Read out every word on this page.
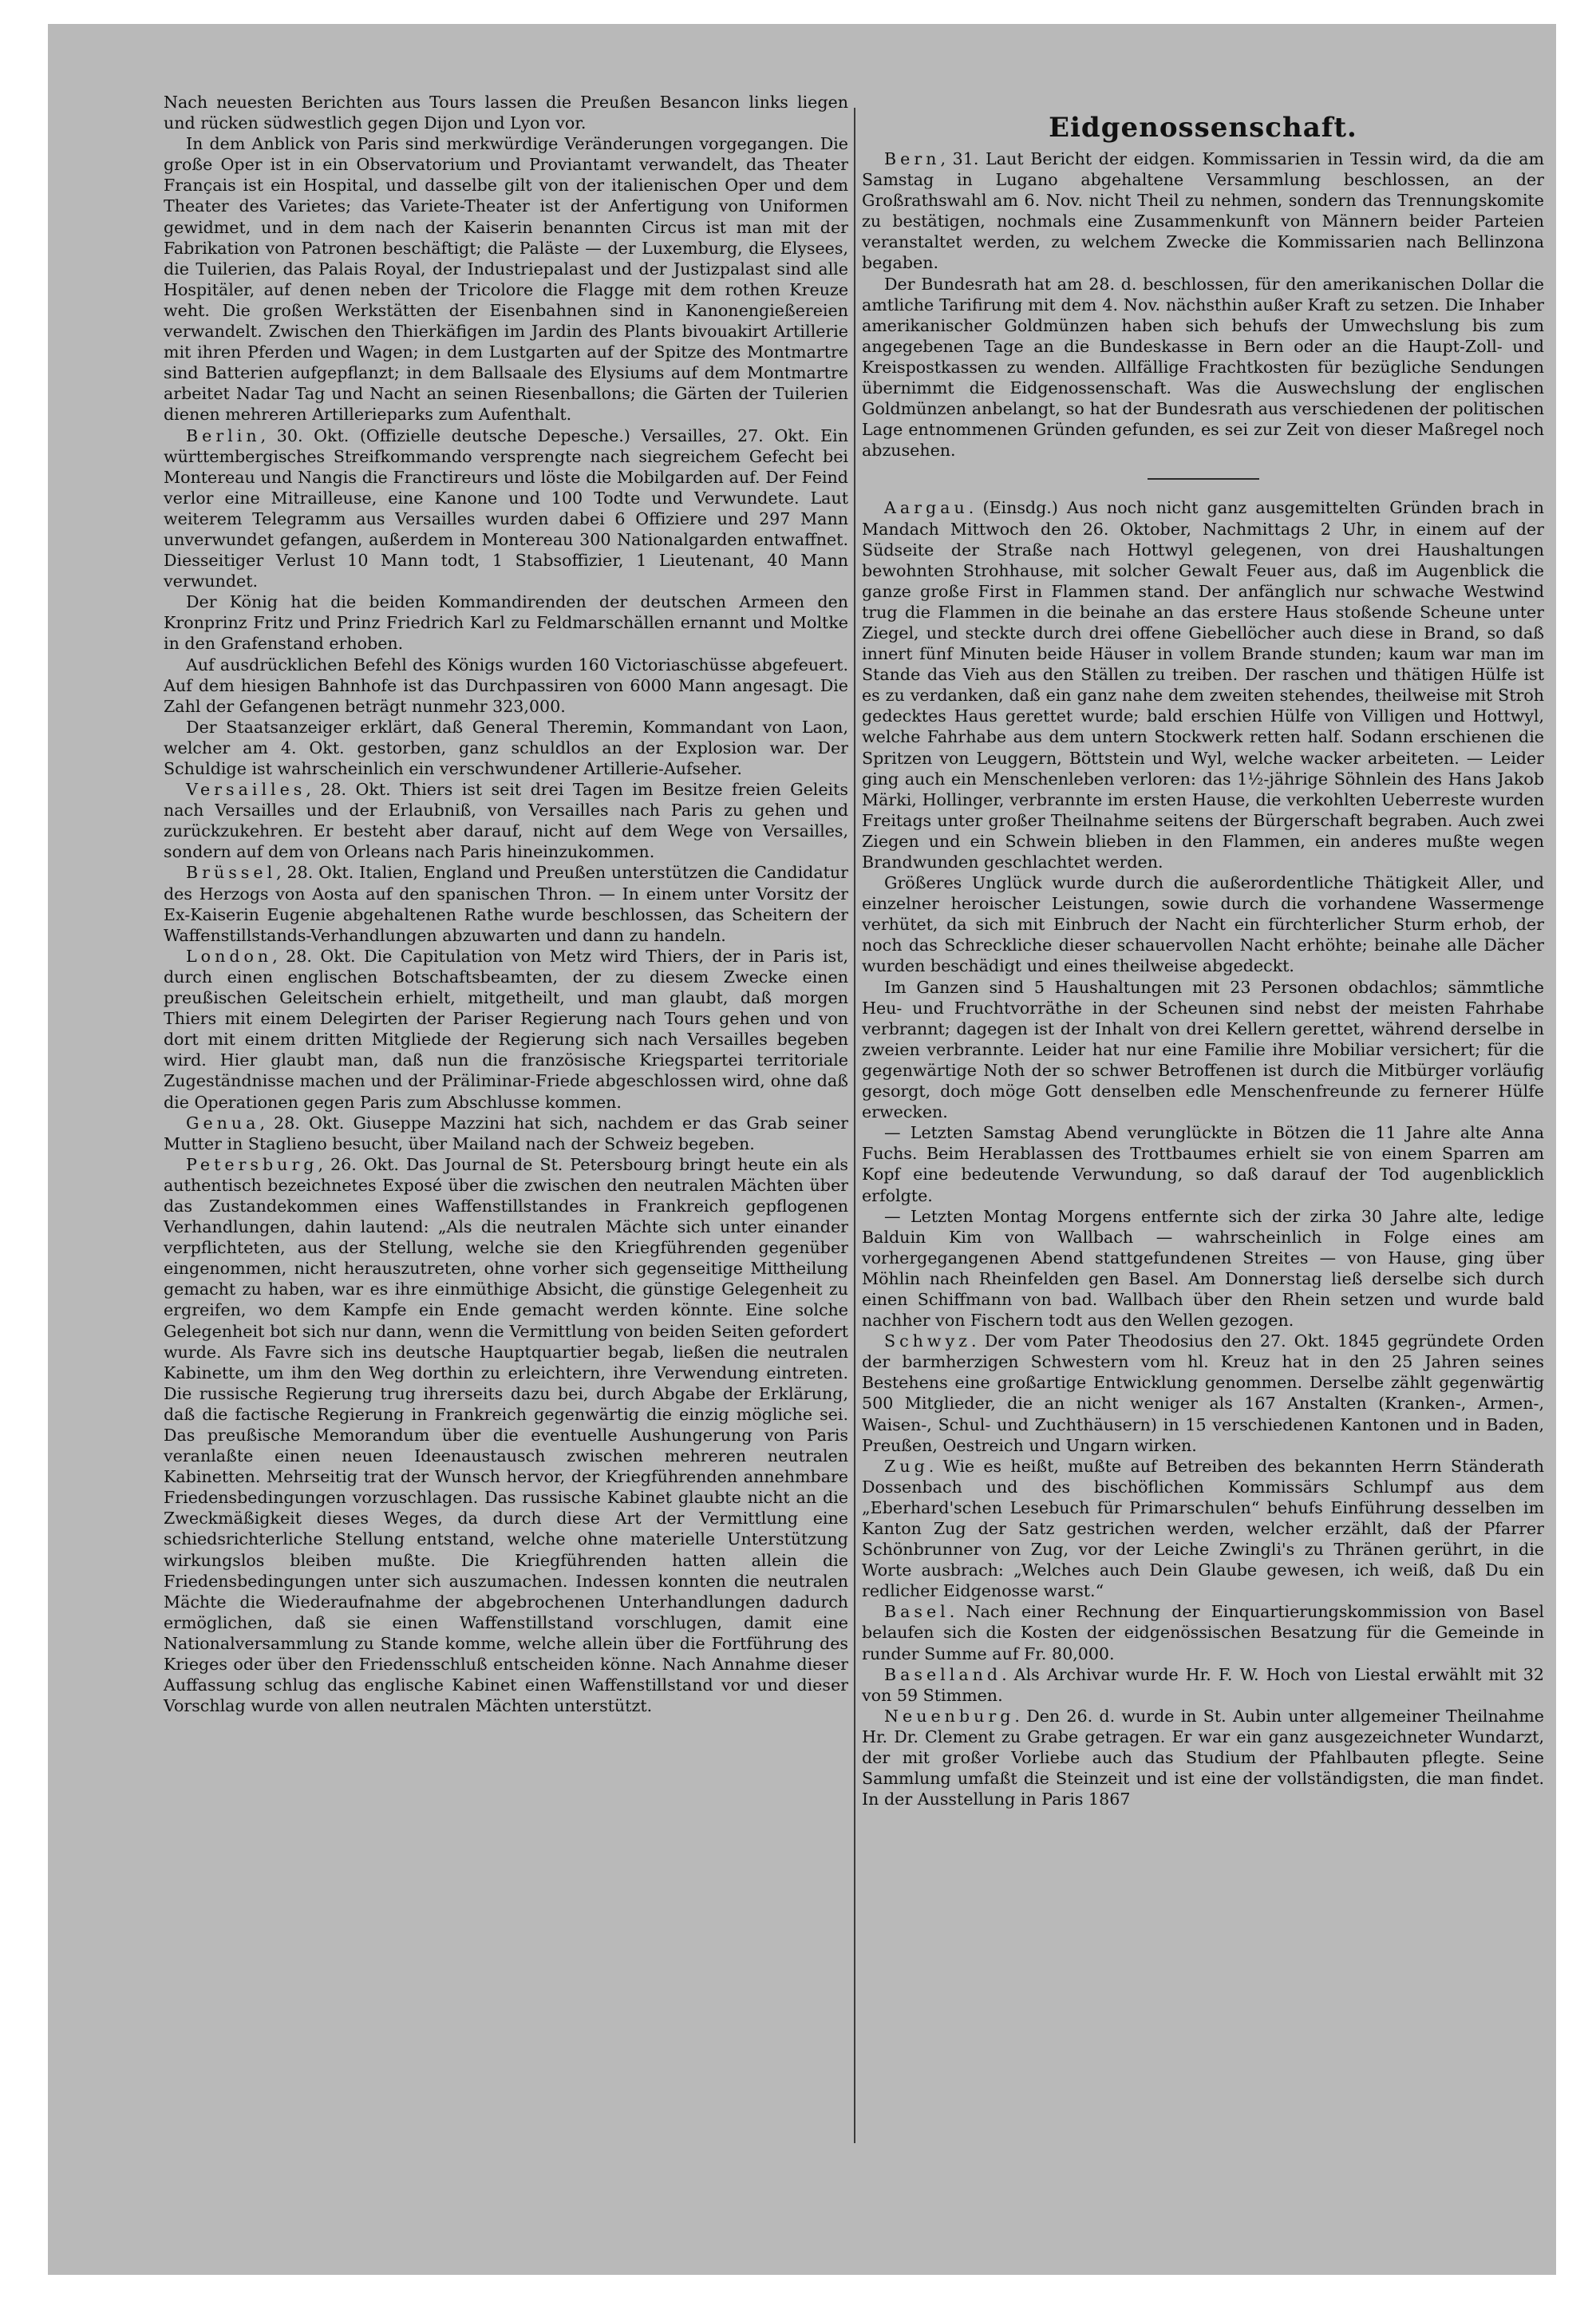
Nach neuesten Berichten aus Tours lassen die Preußen Besancon links liegen und rücken südwestlich gegen Dijon und Lyon vor.

In dem Anblick von Paris sind merkwürdige Veränderungen vorgegangen. Die große Oper ist in ein Observatorium und Proviantamt verwandelt, das Theater Français ist ein Hospital, und dasselbe gilt von der italienischen Oper und dem Theater des Varietes; das Variete-Theater ist der Anfertigung von Uniformen gewidmet, und in dem nach der Kaiserin benannten Circus ist man mit der Fabrikation von Patronen beschäftigt; die Paläste — der Luxemburg, die Elysees, die Tuilerien, das Palais Royal, der Industriepalast und der Justizpalast sind alle Hospitäler, auf denen neben der Tricolore die Flagge mit dem rothen Kreuze weht. Die großen Werkstätten der Eisenbahnen sind in Kanonengießereien verwandelt. Zwischen den Thierkäfigen im Jardin des Plants bivouakirt Artillerie mit ihren Pferden und Wagen; in dem Lustgarten auf der Spitze des Montmartre sind Batterien aufgepflanzt; in dem Ballsaale des Elysiums auf dem Montmartre arbeitet Nadar Tag und Nacht an seinen Riesenballons; die Gärten der Tuilerien dienen mehreren Artillerieparks zum Aufenthalt.

Berlin, 30. Okt. (Offizielle deutsche Depesche.) Versailles, 27. Okt. Ein württembergisches Streifkommando versprengte nach siegreichem Gefecht bei Montereau und Nangis die Franctireurs und löste die Mobilgarden auf. Der Feind verlor eine Mitrailleuse, eine Kanone und 100 Todte und Verwundete. Laut weiterem Telegramm aus Versailles wurden dabei 6 Offiziere und 297 Mann unverwundet gefangen, außerdem in Montereau 300 Nationalgarden entwaffnet. Diesseitiger Verlust 10 Mann todt, 1 Stabsoffizier, 1 Lieutenant, 40 Mann verwundet.

Der König hat die beiden Kommandirenden der deutschen Armeen den Kronprinz Fritz und Prinz Friedrich Karl zu Feldmarschällen ernannt und Moltke in den Grafenstand erhoben.

Auf ausdrücklichen Befehl des Königs wurden 160 Victoriaschüsse abgefeuert. Auf dem hiesigen Bahnhofe ist das Durchpassiren von 6000 Mann angesagt. Die Zahl der Gefangenen beträgt nunmehr 323,000.

Der Staatsanzeiger erklärt, daß General Theremin, Kommandant von Laon, welcher am 4. Okt. gestorben, ganz schuldlos an der Explosion war. Der Schuldige ist wahrscheinlich ein verschwundener Artillerie-Aufseher.

Versailles, 28. Okt. Thiers ist seit drei Tagen im Besitze freien Geleits nach Versailles und der Erlaubniß, von Versailles nach Paris zu gehen und zurückzukehren. Er besteht aber darauf, nicht auf dem Wege von Versailles, sondern auf dem von Orleans nach Paris hineinzukommen.

Brüssel, 28. Okt. Italien, England und Preußen unterstützen die Candidatur des Herzogs von Aosta auf den spanischen Thron. — In einem unter Vorsitz der Ex-Kaiserin Eugenie abgehaltenen Rathe wurde beschlossen, das Scheitern der Waffenstillstands-Verhandlungen abzuwarten und dann zu handeln.

London, 28. Okt. Die Capitulation von Metz wird Thiers, der in Paris ist, durch einen englischen Botschaftsbeamten, der zu diesem Zwecke einen preußischen Geleitschein erhielt, mitgetheilt, und man glaubt, daß morgen Thiers mit einem Delegirten der Pariser Regierung nach Tours gehen und von dort mit einem dritten Mitgliede der Regierung sich nach Versailles begeben wird. Hier glaubt man, daß nun die französische Kriegspartei territoriale Zugeständnisse machen und der Präliminar-Friede abgeschlossen wird, ohne daß die Operationen gegen Paris zum Abschlusse kommen.

Genua, 28. Okt. Giuseppe Mazzini hat sich, nachdem er das Grab seiner Mutter in Staglieno besucht, über Mailand nach der Schweiz begeben.

Petersburg, 26. Okt. Das Journal de St. Petersbourg bringt heute ein als authentisch bezeichnetes Exposé über die zwischen den neutralen Mächten über das Zustandekommen eines Waffenstillstandes in Frankreich gepflogenen Verhandlungen, dahin lautend: „Als die neutralen Mächte sich unter einander verpflichteten, aus der Stellung, welche sie den Kriegführenden gegenüber eingenommen, nicht herauszutreten, ohne vorher sich gegenseitige Mittheilung gemacht zu haben, war es ihre einmüthige Absicht, die günstige Gelegenheit zu ergreifen, wo dem Kampfe ein Ende gemacht werden könnte. Eine solche Gelegenheit bot sich nur dann, wenn die Vermittlung von beiden Seiten gefordert wurde. Als Favre sich ins deutsche Hauptquartier begab, ließen die neutralen Kabinette, um ihm den Weg dorthin zu erleichtern, ihre Verwendung eintreten. Die russische Regierung trug ihrerseits dazu bei, durch Abgabe der Erklärung, daß die factische Regierung in Frankreich gegenwärtig die einzig mögliche sei. Das preußische Memorandum über die eventuelle Aushungerung von Paris veranlaßte einen neuen Ideenaustausch zwischen mehreren neutralen Kabinetten. Mehrseitig trat der Wunsch hervor, der Kriegführenden annehmbare Friedensbedingungen vorzuschlagen. Das russische Kabinet glaubte nicht an die Zweckmäßigkeit dieses Weges, da durch diese Art der Vermittlung eine schiedsrichterliche Stellung entstand, welche ohne materielle Unterstützung wirkungslos bleiben mußte. Die Kriegführenden hatten allein die Friedensbedingungen unter sich auszumachen. Indessen konnten die neutralen Mächte die Wiederaufnahme der abgebrochenen Unterhandlungen dadurch ermöglichen, daß sie einen Waffenstillstand vorschlugen, damit eine Nationalversammlung zu Stande komme, welche allein über die Fortführung des Krieges oder über den Friedensschluß entscheiden könne. Nach Annahme dieser Auffassung schlug das englische Kabinet einen Waffenstillstand vor und dieser Vorschlag wurde von allen neutralen Mächten unterstützt.

Eidgenossenschaft.

Bern, 31. Laut Bericht der eidgen. Kommissarien in Tessin wird, da die am Samstag in Lugano abgehaltene Versammlung beschlossen, an der Großrathswahl am 6. Nov. nicht Theil zu nehmen, sondern das Trennungskomite zu bestätigen, nochmals eine Zusammenkunft von Männern beider Parteien veranstaltet werden, zu welchem Zwecke die Kommissarien nach Bellinzona begaben.

Der Bundesrath hat am 28. d. beschlossen, für den amerikanischen Dollar die amtliche Tarifirung mit dem 4. Nov. nächsthin außer Kraft zu setzen. Die Inhaber amerikanischer Goldmünzen haben sich behufs der Umwechslung bis zum angegebenen Tage an die Bundeskasse in Bern oder an die Haupt-Zoll- und Kreispostkassen zu wenden. Allfällige Frachtkosten für bezügliche Sendungen übernimmt die Eidgenossenschaft. Was die Auswechslung der englischen Goldmünzen anbelangt, so hat der Bundesrath aus verschiedenen der politischen Lage entnommenen Gründen gefunden, es sei zur Zeit von dieser Maßregel noch abzusehen.

Aargau. (Einsdg.) Aus noch nicht ganz ausgemittelten Gründen brach in Mandach Mittwoch den 26. Oktober, Nachmittags 2 Uhr, in einem auf der Südseite der Straße nach Hottwyl gelegenen, von drei Haushaltungen bewohnten Strohhause, mit solcher Gewalt Feuer aus, daß im Augenblick die ganze große First in Flammen stand. Der anfänglich nur schwache Westwind trug die Flammen in die beinahe an das erstere Haus stoßende Scheune unter Ziegel, und steckte durch drei offene Giebellöcher auch diese in Brand, so daß innert fünf Minuten beide Häuser in vollem Brande stunden; kaum war man im Stande das Vieh aus den Ställen zu treiben. Der raschen und thätigen Hülfe ist es zu verdanken, daß ein ganz nahe dem zweiten stehendes, theilweise mit Stroh gedecktes Haus gerettet wurde; bald erschien Hülfe von Villigen und Hottwyl, welche Fahrhabe aus dem untern Stockwerk retten half. Sodann erschienen die Spritzen von Leuggern, Böttstein und Wyl, welche wacker arbeiteten. — Leider ging auch ein Menschenleben verloren: das 1½-jährige Söhnlein des Hans Jakob Märki, Hollinger, verbrannte im ersten Hause, die verkohlten Ueberreste wurden Freitags unter großer Theilnahme seitens der Bürgerschaft begraben. Auch zwei Ziegen und ein Schwein blieben in den Flammen, ein anderes mußte wegen Brandwunden geschlachtet werden.

Größeres Unglück wurde durch die außerordentliche Thätigkeit Aller, und einzelner heroischer Leistungen, sowie durch die vorhandene Wassermenge verhütet, da sich mit Einbruch der Nacht ein fürchterlicher Sturm erhob, der noch das Schreckliche dieser schauervollen Nacht erhöhte; beinahe alle Dächer wurden beschädigt und eines theilweise abgedeckt.

Im Ganzen sind 5 Haushaltungen mit 23 Personen obdachlos; sämmtliche Heu- und Fruchtvorräthe in der Scheunen sind nebst der meisten Fahrhabe verbrannt; dagegen ist der Inhalt von drei Kellern gerettet, während derselbe in zweien verbrannte. Leider hat nur eine Familie ihre Mobiliar versichert; für die gegenwärtige Noth der so schwer Betroffenen ist durch die Mitbürger vorläufig gesorgt, doch möge Gott denselben edle Menschenfreunde zu fernerer Hülfe erwecken.

— Letzten Samstag Abend verunglückte in Bötzen die 11 Jahre alte Anna Fuchs. Beim Herablassen des Trottbaumes erhielt sie von einem Sparren am Kopf eine bedeutende Verwundung, so daß darauf der Tod augenblicklich erfolgte.

— Letzten Montag Morgens entfernte sich der zirka 30 Jahre alte, ledige Balduin Kim von Wallbach — wahrscheinlich in Folge eines am vorhergegangenen Abend stattgefundenen Streites — von Hause, ging über Möhlin nach Rheinfelden gen Basel. Am Donnerstag ließ derselbe sich durch einen Schiffmann von bad. Wallbach über den Rhein setzen und wurde bald nachher von Fischern todt aus den Wellen gezogen.

Schwyz. Der vom Pater Theodosius den 27. Okt. 1845 gegründete Orden der barmherzigen Schwestern vom hl. Kreuz hat in den 25 Jahren seines Bestehens eine großartige Entwicklung genommen. Derselbe zählt gegenwärtig 500 Mitglieder, die an nicht weniger als 167 Anstalten (Kranken-, Armen-, Waisen-, Schul- und Zuchthäusern) in 15 verschiedenen Kantonen und in Baden, Preußen, Oestreich und Ungarn wirken.

Zug. Wie es heißt, mußte auf Betreiben des bekannten Herrn Ständerath Dossenbach und des bischöflichen Kommissärs Schlumpf aus dem „Eberhard'schen Lesebuch für Primarschulen“ behufs Einführung desselben im Kanton Zug der Satz gestrichen werden, welcher erzählt, daß der Pfarrer Schönbrunner von Zug, vor der Leiche Zwingli's zu Thränen gerührt, in die Worte ausbrach: „Welches auch Dein Glaube gewesen, ich weiß, daß Du ein redlicher Eidgenosse warst.“

Basel. Nach einer Rechnung der Einquartierungskommission von Basel belaufen sich die Kosten der eidgenössischen Besatzung für die Gemeinde in runder Summe auf Fr. 80,000.

Baselland. Als Archivar wurde Hr. F. W. Hoch von Liestal erwählt mit 32 von 59 Stimmen.

Neuenburg. Den 26. d. wurde in St. Aubin unter allgemeiner Theilnahme Hr. Dr. Clement zu Grabe getragen. Er war ein ganz ausgezeichneter Wundarzt, der mit großer Vorliebe auch das Studium der Pfahlbauten pflegte. Seine Sammlung umfaßt die Steinzeit und ist eine der vollständigsten, die man findet. In der Ausstellung in Paris 1867
